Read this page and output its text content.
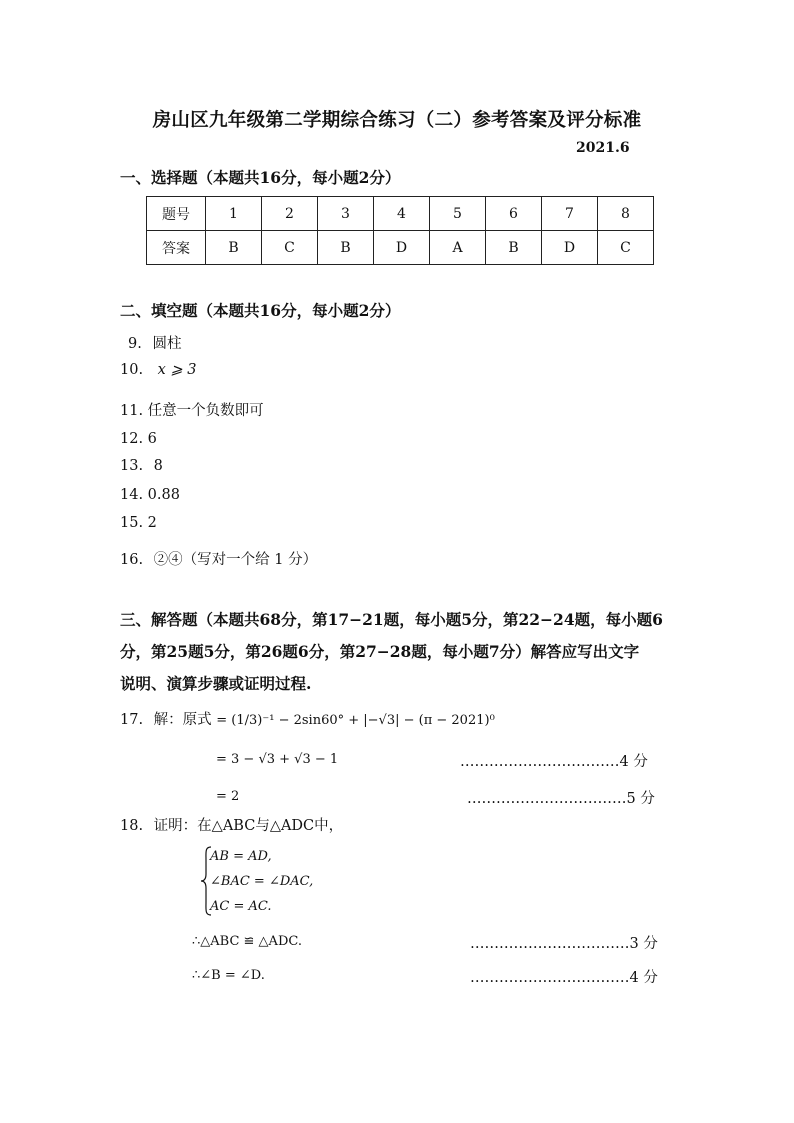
房山区九年级第二学期综合练习（二）参考答案及评分标准
2021.6
一、选择题（本题共16分，每小题2分）
题号	1	2	3	4	5	6	7	8
答案	B	C	B	D	A	B	D	C
二、填空题（本题共16分，每小题2分）
9. 圆柱
10. x ⩾ 3
11. 任意一个负数即可
12. 6
13. 8
14. 0.88
15. 2
16. ②④（写对一个给 1 分）
三、解答题（本题共68分，第17−21题，每小题5分，第22−24题，每小题6
分，第25题5分，第26题6分，第27−28题，每小题7分）解答应写出文字
说明、演算步骤或证明过程.
17. 解：原式 = (1/3)⁻¹ − 2sin60° + |−√3| − (π − 2021)⁰
= 3 − √3 + √3 − 1	……………………………4 分
= 2	……………………………5 分
18. 证明：在△ABC与△ADC中，
AB = AD,
∠BAC = ∠DAC,
AC = AC.
∴△ABC ≌ △ADC.	……………………………3 分
∴∠B = ∠D.	……………………………4 分
